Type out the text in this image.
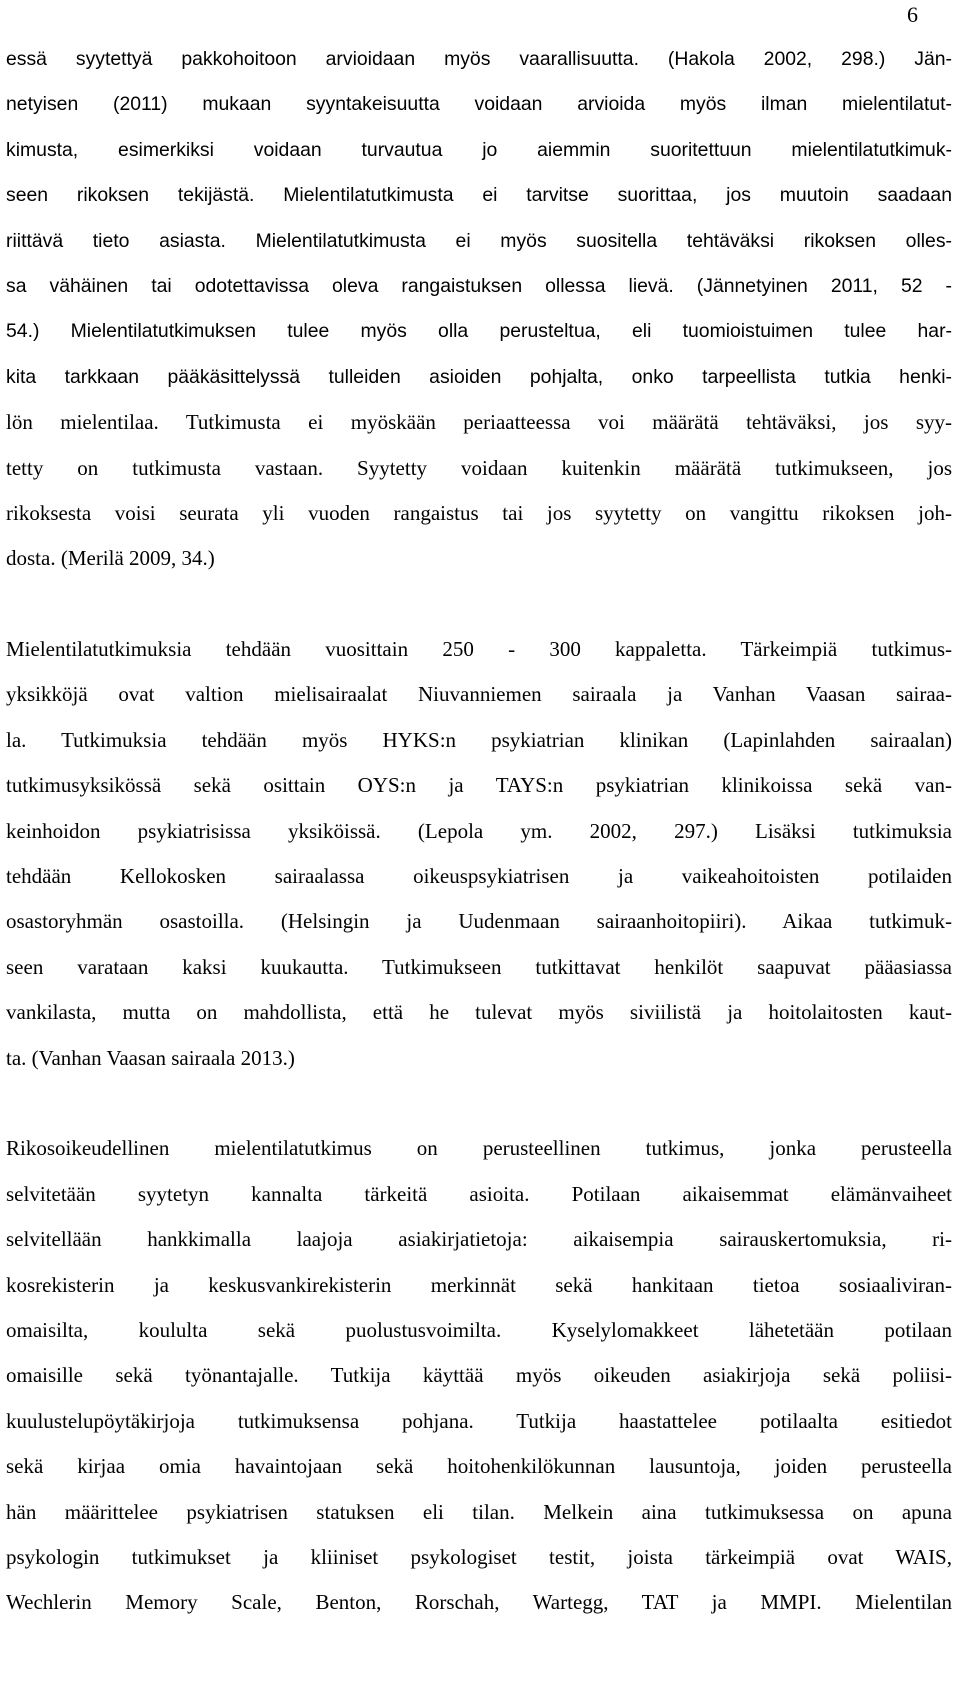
6
essä syytettyä pakkohoitoon arvioidaan myös vaarallisuutta. (Hakola 2002, 298.) Jän-
netyisen (2011) mukaan syyntakeisuutta voidaan arvioida myös ilman mielentilatut-
kimusta, esimerkiksi voidaan turvautua jo aiemmin suoritettuun mielentilatutkimuk-
seen rikoksen tekijästä. Mielentilatutkimusta ei tarvitse suorittaa, jos muutoin saadaan
riittävä tieto asiasta. Mielentilatutkimusta ei myös suositella tehtäväksi rikoksen olles-
sa vähäinen tai odotettavissa oleva rangaistuksen ollessa lievä. (Jännetyinen 2011, 52 -
54.) Mielentilatutkimuksen tulee myös olla perusteltua, eli tuomioistuimen tulee har-
kita tarkkaan pääkäsittelyssä tulleiden asioiden pohjalta, onko tarpeellista tutkia henki-
lön mielentilaa. Tutkimusta ei myöskään periaatteessa voi määrätä tehtäväksi, jos syy-
tetty on tutkimusta vastaan. Syytetty voidaan kuitenkin määrätä tutkimukseen, jos
rikoksesta voisi seurata yli vuoden rangaistus tai jos syytetty on vangittu rikoksen joh-
dosta. (Merilä 2009, 34.)
Mielentilatutkimuksia tehdään vuosittain 250 - 300 kappaletta. Tärkeimpiä tutkimus-
yksikköjä ovat valtion mielisairaalat Niuvanniemen sairaala ja Vanhan Vaasan sairaa-
la. Tutkimuksia tehdään myös HYKS:n psykiatrian klinikan (Lapinlahden sairaalan)
tutkimusyksikössä sekä osittain OYS:n ja TAYS:n psykiatrian klinikoissa sekä van-
keinhoidon psykiatrisissa yksiköissä. (Lepola ym. 2002, 297.) Lisäksi tutkimuksia
tehdään Kellokosken sairaalassa oikeuspsykiatrisen ja vaikeahoitoisten potilaiden
osastoryhmän osastoilla. (Helsingin ja Uudenmaan sairaanhoitopiiri). Aikaa tutkimuk-
seen varataan kaksi kuukautta. Tutkimukseen tutkittavat henkilöt saapuvat pääasiassa
vankilasta, mutta on mahdollista, että he tulevat myös siviilistä ja hoitolaitosten kaut-
ta. (Vanhan Vaasan sairaala 2013.)
Rikosoikeudellinen mielentilatutkimus on perusteellinen tutkimus, jonka perusteella
selvitetään syytetyn kannalta tärkeitä asioita. Potilaan aikaisemmat elämänvaiheet
selvitellään hankkimalla laajoja asiakirjatietoja: aikaisempia sairauskertomuksia, ri-
kosrekisterin ja keskusvankirekisterin merkinnät sekä hankitaan tietoa sosiaaliviran-
omaisilta, koululta sekä puolustusvoimilta. Kyselylomakkeet lähetetään potilaan
omaisille sekä työnantajalle. Tutkija käyttää myös oikeuden asiakirjoja sekä poliisi-
kuulustelupöytäkirjoja tutkimuksensa pohjana. Tutkija haastattelee potilaalta esitiedot
sekä kirjaa omia havaintojaan sekä hoitohenkilökunnan lausuntoja, joiden perusteella
hän määrittelee psykiatrisen statuksen eli tilan. Melkein aina tutkimuksessa on apuna
psykologin tutkimukset ja kliiniset psykologiset testit, joista tärkeimpiä ovat WAIS,
Wechlerin Memory Scale, Benton, Rorschah, Wartegg, TAT ja MMPI. Mielentilan
